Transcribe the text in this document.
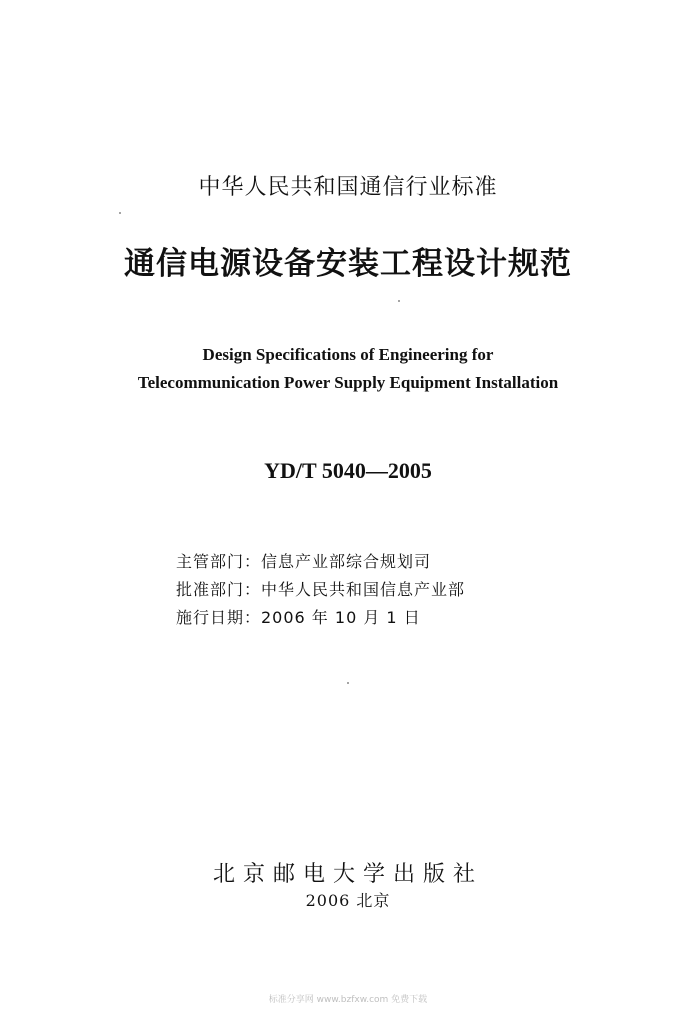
中华人民共和国通信行业标准
通信电源设备安装工程设计规范
Design Specifications of Engineering for
Telecommunication Power Supply Equipment Installation
YD/T 5040—2005
主管部门：信息产业部综合规划司
批准部门：中华人民共和国信息产业部
施行日期：2006 年 10 月 1 日
北京邮电大学出版社
2006 北京
标准分享网 www.bzfxw.com 免费下载
